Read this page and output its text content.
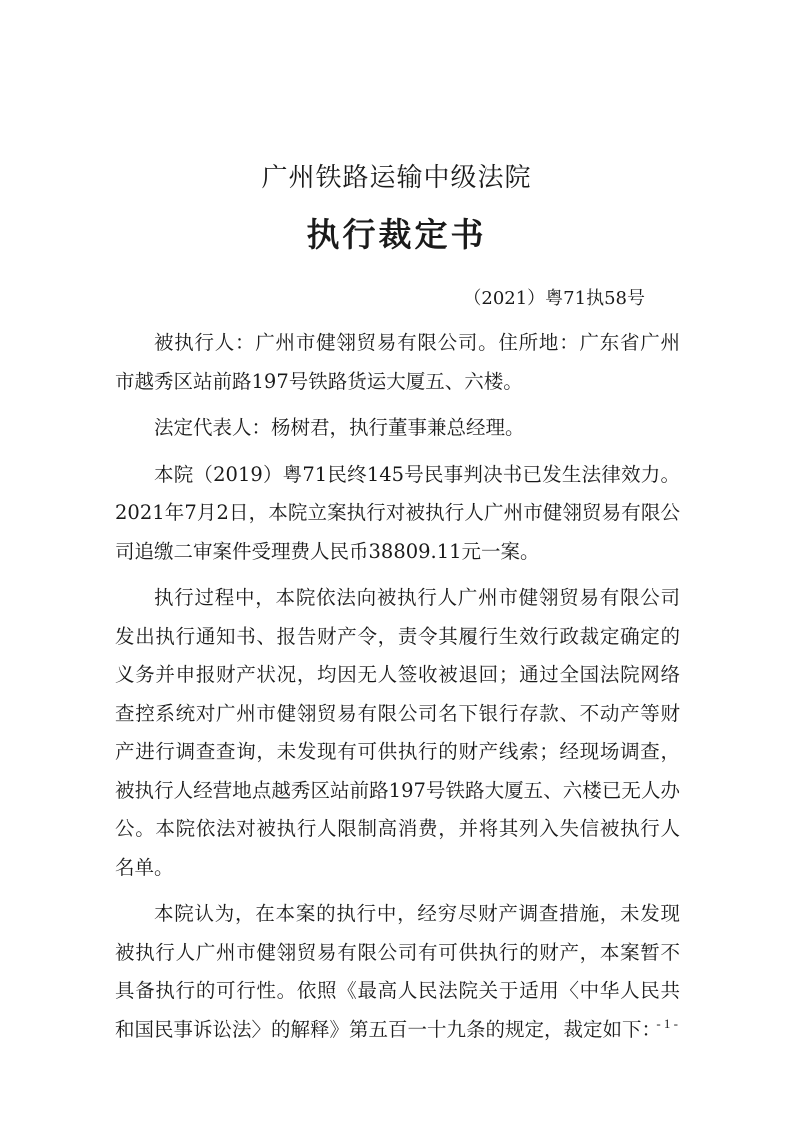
广州铁路运输中级法院
执行裁定书
（2021）粤71执58号

被执行人：广州市健翎贸易有限公司。住所地：广东省广州市越秀区站前路197号铁路货运大厦五、六楼。

法定代表人：杨树君，执行董事兼总经理。

本院（2019）粤71民终145号民事判决书已发生法律效力。2021年7月2日，本院立案执行对被执行人广州市健翎贸易有限公司追缴二审案件受理费人民币38809.11元一案。

执行过程中，本院依法向被执行人广州市健翎贸易有限公司发出执行通知书、报告财产令，责令其履行生效行政裁定确定的义务并申报财产状况，均因无人签收被退回；通过全国法院网络查控系统对广州市健翎贸易有限公司名下银行存款、不动产等财产进行调查查询，未发现有可供执行的财产线索；经现场调查，被执行人经营地点越秀区站前路197号铁路大厦五、六楼已无人办公。本院依法对被执行人限制高消费，并将其列入失信被执行人名单。

本院认为，在本案的执行中，经穷尽财产调查措施，未发现被执行人广州市健翎贸易有限公司有可供执行的财产，本案暂不具备执行的可行性。依照《最高人民法院关于适用〈中华人民共和国民事诉讼法〉的解释》第五百一十九条的规定，裁定如下：

- 1 -
